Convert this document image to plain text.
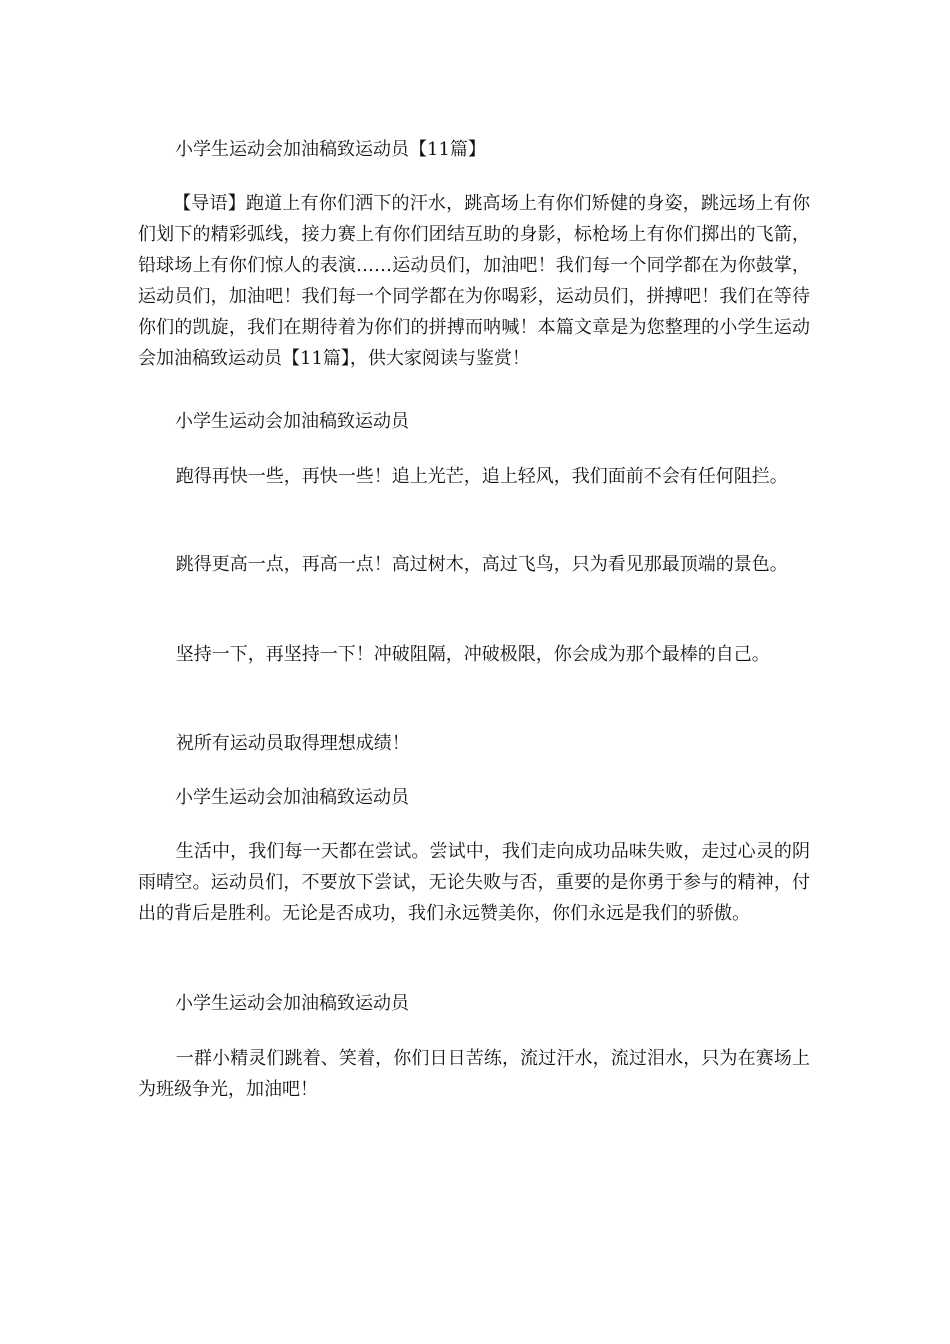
小学生运动会加油稿致运动员【11篇】

【导语】跑道上有你们洒下的汗水，跳高场上有你们矫健的身姿，跳远场上有你们划下的精彩弧线，接力赛上有你们团结互助的身影，标枪场上有你们掷出的飞箭，铅球场上有你们惊人的表演……运动员们，加油吧！我们每一个同学都在为你鼓掌，运动员们，加油吧！我们每一个同学都在为你喝彩，运动员们，拼搏吧！我们在等待你们的凯旋，我们在期待着为你们的拼搏而呐喊！本篇文章是为您整理的小学生运动会加油稿致运动员【11篇】，供大家阅读与鉴赏！

小学生运动会加油稿致运动员

跑得再快一些，再快一些！追上光芒，追上轻风，我们面前不会有任何阻拦。

跳得更高一点，再高一点！高过树木，高过飞鸟，只为看见那最顶端的景色。

坚持一下，再坚持一下！冲破阻隔，冲破极限，你会成为那个最棒的自己。

祝所有运动员取得理想成绩！

小学生运动会加油稿致运动员

生活中，我们每一天都在尝试。尝试中，我们走向成功品味失败，走过心灵的阴雨晴空。运动员们，不要放下尝试，无论失败与否，重要的是你勇于参与的精神，付出的背后是胜利。无论是否成功，我们永远赞美你，你们永远是我们的骄傲。

小学生运动会加油稿致运动员

一群小精灵们跳着、笑着，你们日日苦练，流过汗水，流过泪水，只为在赛场上为班级争光，加油吧！
